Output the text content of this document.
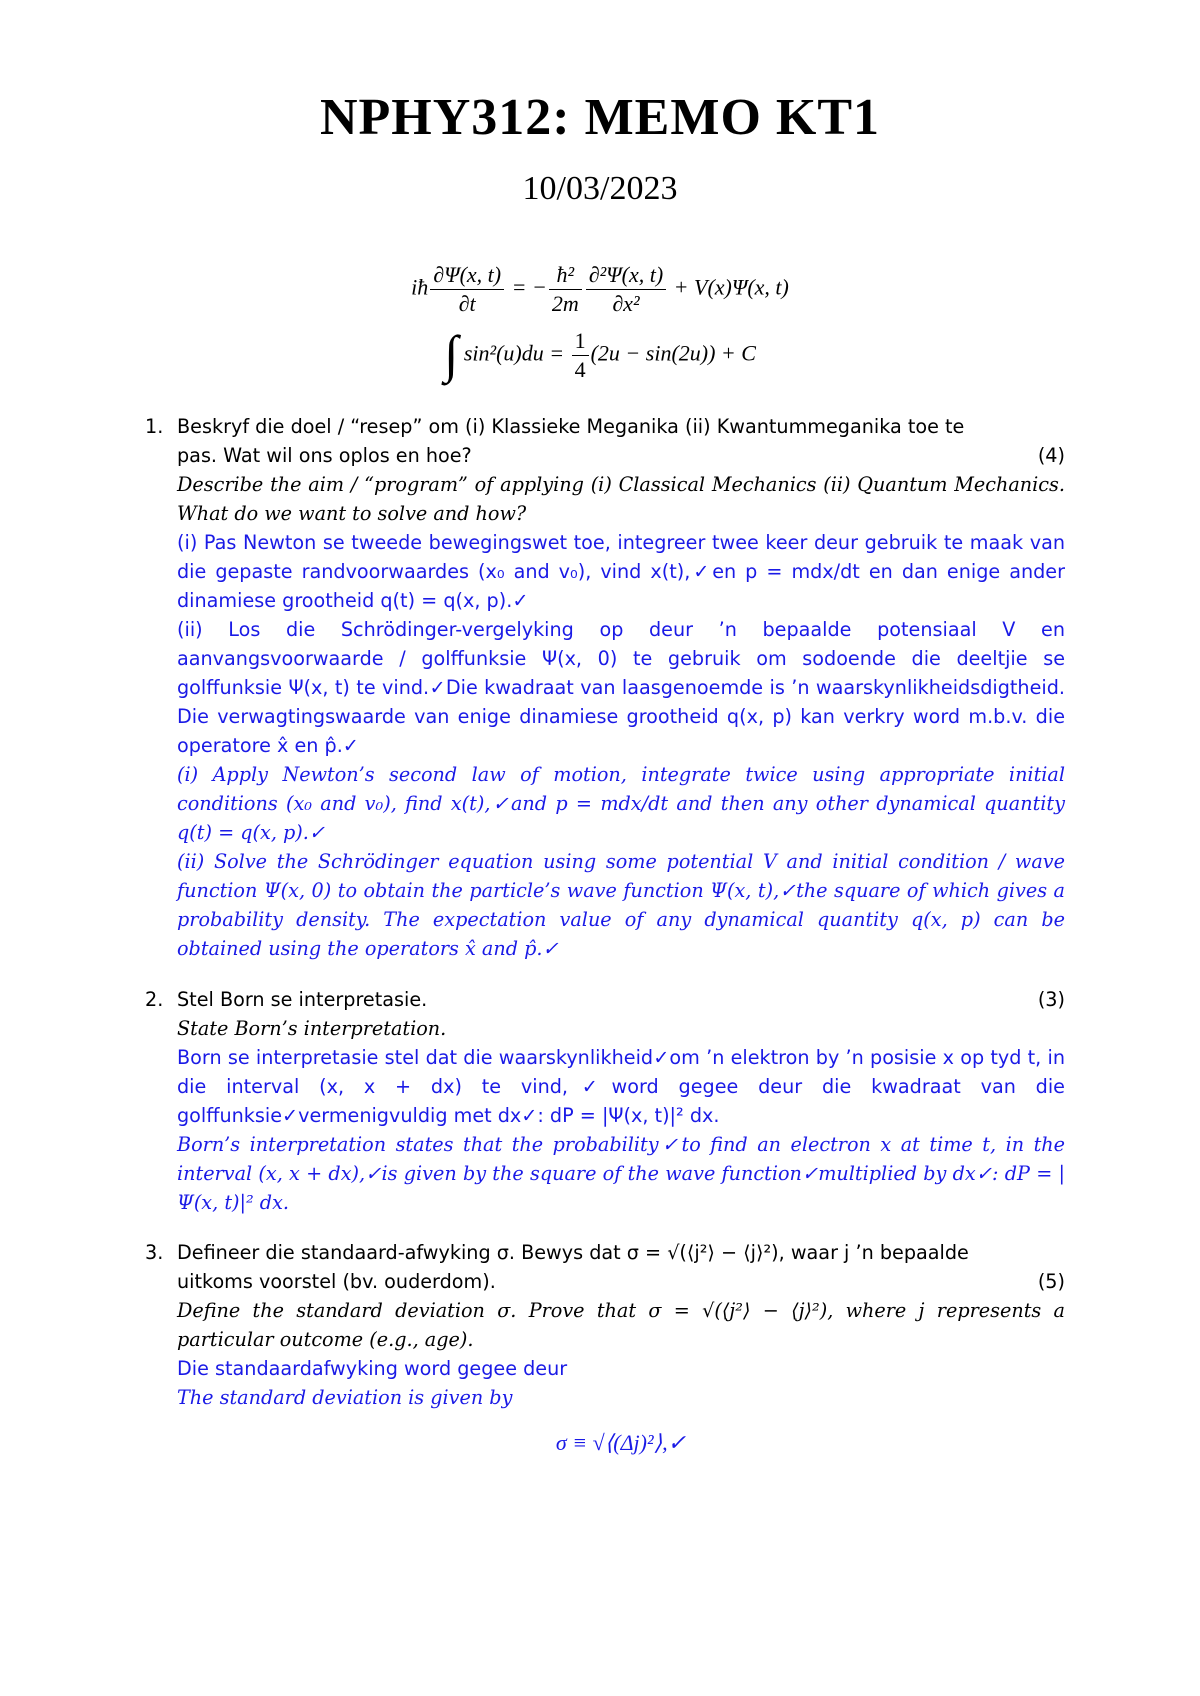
NPHY312: MEMO KT1
10/03/2023
iħ $\frac{\partial\Psi(x, t)}{\partial t}$ = − $\frac{\text{ħ²}}{2m} \frac{\text{∂²Ψ(x, t)}}{\text{∂x²}} + V(x)\Psi(x$, t)
∫ $\sin^2(u)du = \frac{1}{4} (2u - \sin(2u)) + C$
1. Beskryf die doel / “resep” om (i) Klassieke Meganika (ii) Kwantummeganika toe te
pas. Wat wil ons oplos en hoe?	(4)
Describe the aim / “program” of applying (i) Classical Mechanics (ii) Quantum Mechanics. What do we want to solve and how?
(i) Pas Newton se tweede bewegingswet toe, integreer twee keer deur gebruik te maak van die gepaste randvoorwaardes (x₀ and v₀), vind x(t),✓en p = mdx/dt en dan enige ander dinamiese grootheid q(t) = q(x, p).✓
(ii) Los die Schrödinger-vergelyking op deur ’n bepaalde potensiaal V en aanvangsvoorwaarde / golffunksie Ψ(x, 0) te gebruik om sodoende die deeltjie se golffunksie Ψ(x, t) te vind.✓Die kwadraat van laasgenoemde is ’n waarskynlikheidsdigtheid. Die verwagtingswaarde van enige dinamiese grootheid q(x, p) kan verkry word m.b.v. die operatore x̂ en p̂.✓
(i) Apply Newton’s second law of motion, integrate twice using appropriate initial conditions (x₀ and v₀), find x(t),✓and p = mdx/dt and then any other dynamical quantity q(t) = q(x, p).✓
(ii) Solve the Schrödinger equation using some potential V and initial condition / wave function Ψ(x, 0) to obtain the particle’s wave function Ψ(x, t),✓the square of which gives a probability density. The expectation value of any dynamical quantity q(x, p) can be obtained using the operators x̂ and p̂.✓
2. Stel Born se interpretasie.	(3)
State Born’s interpretation.
Born se interpretasie stel dat die waarskynlikheid✓om ’n elektron by ’n posisie x op tyd t, in die interval (x, x + dx) te vind,✓word gegee deur die kwadraat van die golffunksie✓vermenigvuldig met dx✓: dP = |Ψ(x, t)|² dx.
Born’s interpretation states that the probability✓to find an electron x at time t, in the interval (x, x + dx),✓is given by the square of the wave function✓multiplied by dx✓: dP = |Ψ(x, t)|² dx.
3. Defineer die standaard-afwyking σ. Bewys dat σ = √(⟨j²⟩ − ⟨j⟩²), waar j ’n bepaalde
uitkoms voorstel (bv. ouderdom).	(5)
Define the standard deviation σ. Prove that σ = √(⟨j²⟩ − ⟨j⟩²), where j represents a particular outcome (e.g., age).
Die standaardafwyking word gegee deur
The standard deviation is given by
σ ≡ √⟨(Δj)²⟩,✓
